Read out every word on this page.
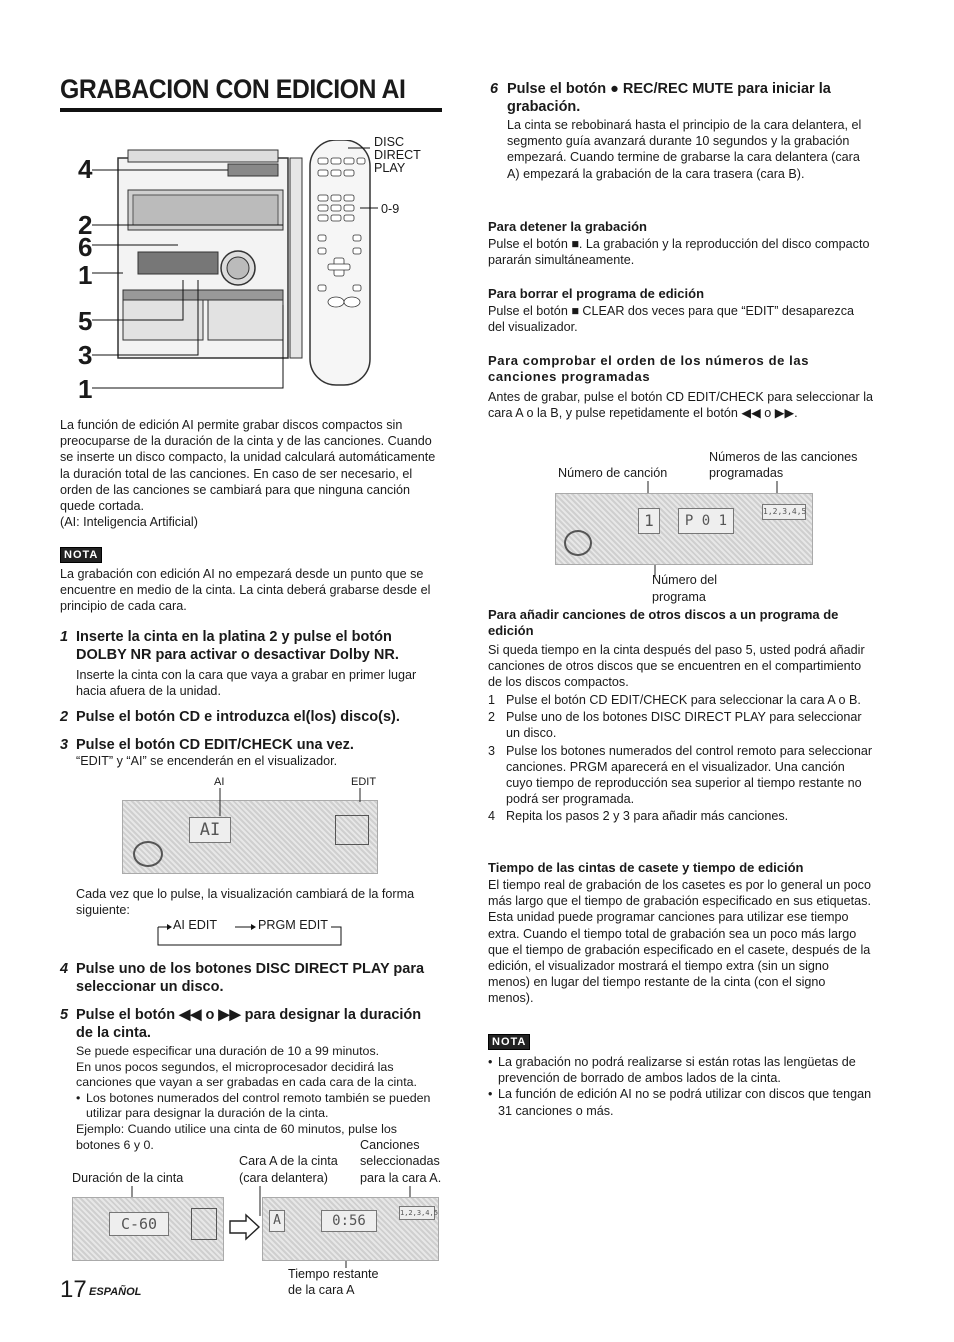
GRABACION CON EDICION AI
4
2
6
1
5
3
1
DISC
DIRECT
PLAY
0-9
La función de edición AI permite grabar discos compactos sin preocuparse de la duración de la cinta y de las canciones. Cuando se inserte un disco compacto, la unidad calculará automáticamente la duración total de las canciones. En caso de ser necesario, el orden de las canciones se cambiará para que ninguna canción quede cortada.
(AI: Inteligencia Artificial)
NOTA
La grabación con edición AI no empezará desde un punto que se encuentre en medio de la cinta. La cinta deberá grabarse desde el principio de cada cara.
1 Inserte la cinta en la platina 2 y pulse el botón DOLBY NR para activar o desactivar Dolby NR.
Inserte la cinta con la cara que vaya a grabar en primer lugar hacia afuera de la unidad.
2 Pulse el botón CD e introduzca el(los) disco(s).
3 Pulse el botón CD EDIT/CHECK una vez.
“EDIT” y “AI” se encenderán en el visualizador.
AI	EDIT
AI
Cada vez que lo pulse, la visualización cambiará de la forma siguiente:
AI EDIT	PRGM EDIT
4 Pulse uno de los botones DISC DIRECT PLAY para seleccionar un disco.
5 Pulse el botón ◀◀ o ▶▶ para designar la duración de la cinta.
Se puede especificar una duración de 10 a 99 minutos.
En unos pocos segundos, el microprocesador decidirá las canciones que vayan a ser grabadas en cada cara de la cinta.
• Los botones numerados del control remoto también se pueden utilizar para designar la duración de la cinta.
Ejemplo: Cuando utilice una cinta de 60 minutos, pulse los botones 6 y 0.	Canciones
Cara A de la cinta seleccionadas
Duración de la cinta	(cara delantera)	para la cara A.
C-60	A	0:56	1,2,3,4,5
Tiempo restante
de la cara A
17 ESPAÑOL
6 Pulse el botón ● REC/REC MUTE para iniciar la grabación.
La cinta se rebobinará hasta el principio de la cara delantera, el segmento guía avanzará durante 10 segundos y la grabación empezará. Cuando termine de grabarse la cara delantera (cara A) empezará la grabación de la cara trasera (cara B).
Para detener la grabación
Pulse el botón ■. La grabación y la reproducción del disco compacto pararán simultáneamente.
Para borrar el programa de edición
Pulse el botón ■ CLEAR dos veces para que “EDIT” desaparezca del visualizador.
Para comprobar el orden de los números de las canciones programadas
Antes de grabar, pulse el botón CD EDIT/CHECK para seleccionar la cara A o la B, y pulse repetidamente el botón ◀◀ o ▶▶.
Números de las canciones
Número de canción	programadas
1	P 0 1
1,2,3,4,5
Número del
programa
Para añadir canciones de otros discos a un programa de edición
Si queda tiempo en la cinta después del paso 5, usted podrá añadir canciones de otros discos que se encuentren en el compartimiento de los discos compactos.
1 Pulse el botón CD EDIT/CHECK para seleccionar la cara A o B.
2 Pulse uno de los botones DISC DIRECT PLAY para seleccionar un disco.
3 Pulse los botones numerados del control remoto para seleccionar canciones. PRGM aparecerá en el visualizador. Una canción cuyo tiempo de reproducción sea superior al tiempo restante no podrá ser programada.
4 Repita los pasos 2 y 3 para añadir más canciones.
Tiempo de las cintas de casete y tiempo de edición
El tiempo real de grabación de los casetes es por lo general un poco más largo que el tiempo de grabación especificado en sus etiquetas. Esta unidad puede programar canciones para utilizar ese tiempo extra. Cuando el tiempo total de grabación sea un poco más largo que el tiempo de grabación especificado en el casete, después de la edición, el visualizador mostrará el tiempo extra (sin un signo menos) en lugar del tiempo restante de la cinta (con el signo menos).
NOTA
• La grabación no podrá realizarse si están rotas las lengüetas de prevención de borrado de ambos lados de la cinta.
• La función de edición AI no se podrá utilizar con discos que tengan 31 canciones o más.
